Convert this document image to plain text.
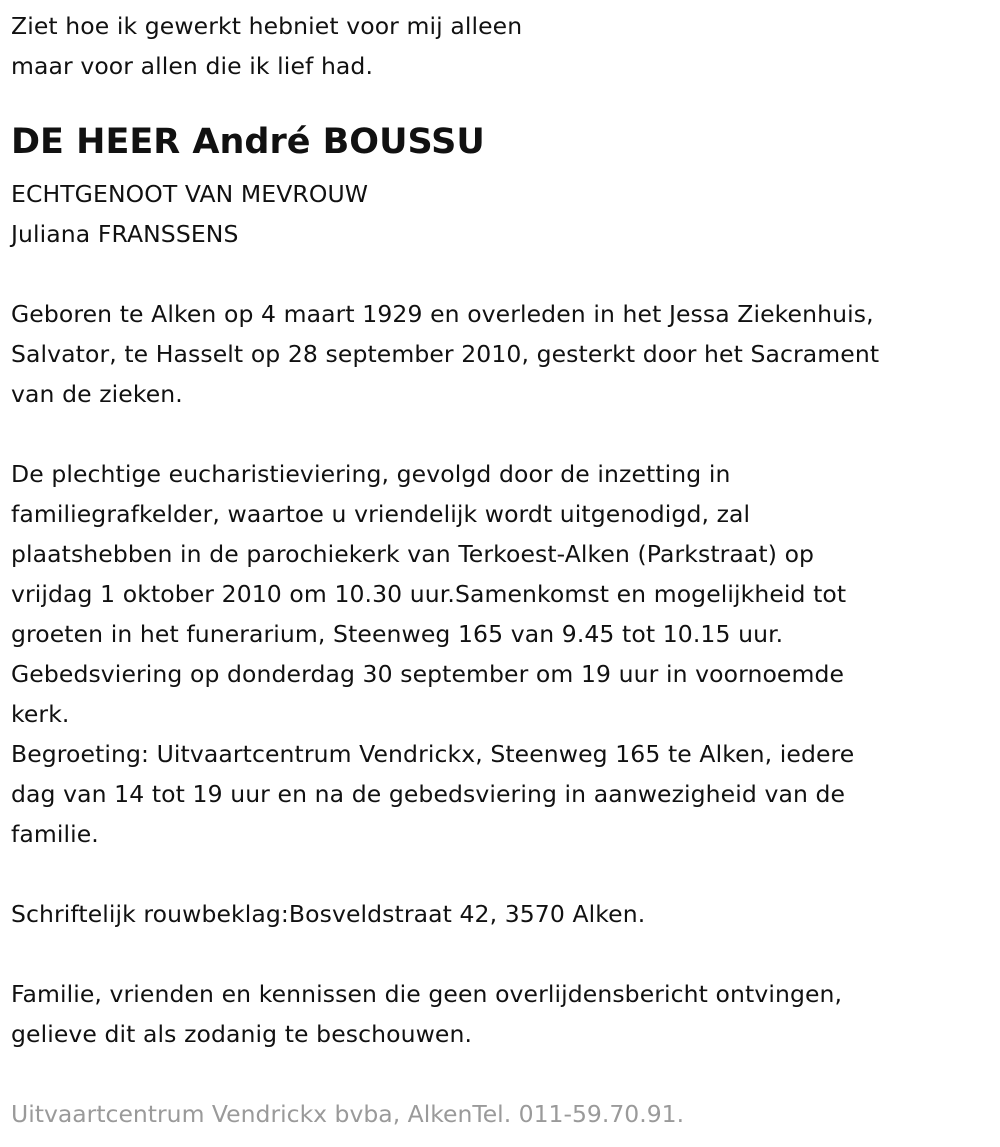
Ziet hoe ik gewerkt hebniet voor mij alleen
maar voor allen die ik lief had.
DE HEER André BOUSSU
ECHTGENOOT VAN MEVROUW
Juliana FRANSSENS
Geboren te Alken op 4 maart 1929 en overleden in het Jessa Ziekenhuis,
Salvator, te Hasselt op 28 september 2010, gesterkt door het Sacrament
van de zieken.
De plechtige eucharistieviering, gevolgd door de inzetting in
familiegrafkelder, waartoe u vriendelijk wordt uitgenodigd, zal
plaatshebben in de parochiekerk van Terkoest-Alken (Parkstraat) op
vrijdag 1 oktober 2010 om 10.30 uur.Samenkomst en mogelijkheid tot
groeten in het funerarium, Steenweg 165 van 9.45 tot 10.15 uur.
Gebedsviering op donderdag 30 september om 19 uur in voornoemde
kerk.
Begroeting: Uitvaartcentrum Vendrickx, Steenweg 165 te Alken, iedere
dag van 14 tot 19 uur en na de gebedsviering in aanwezigheid van de
familie.
Schriftelijk rouwbeklag:Bosveldstraat 42, 3570 Alken.
Familie, vrienden en kennissen die geen overlijdensbericht ontvingen,
gelieve dit als zodanig te beschouwen.
Uitvaartcentrum Vendrickx bvba, AlkenTel. 011-59.70.91.
